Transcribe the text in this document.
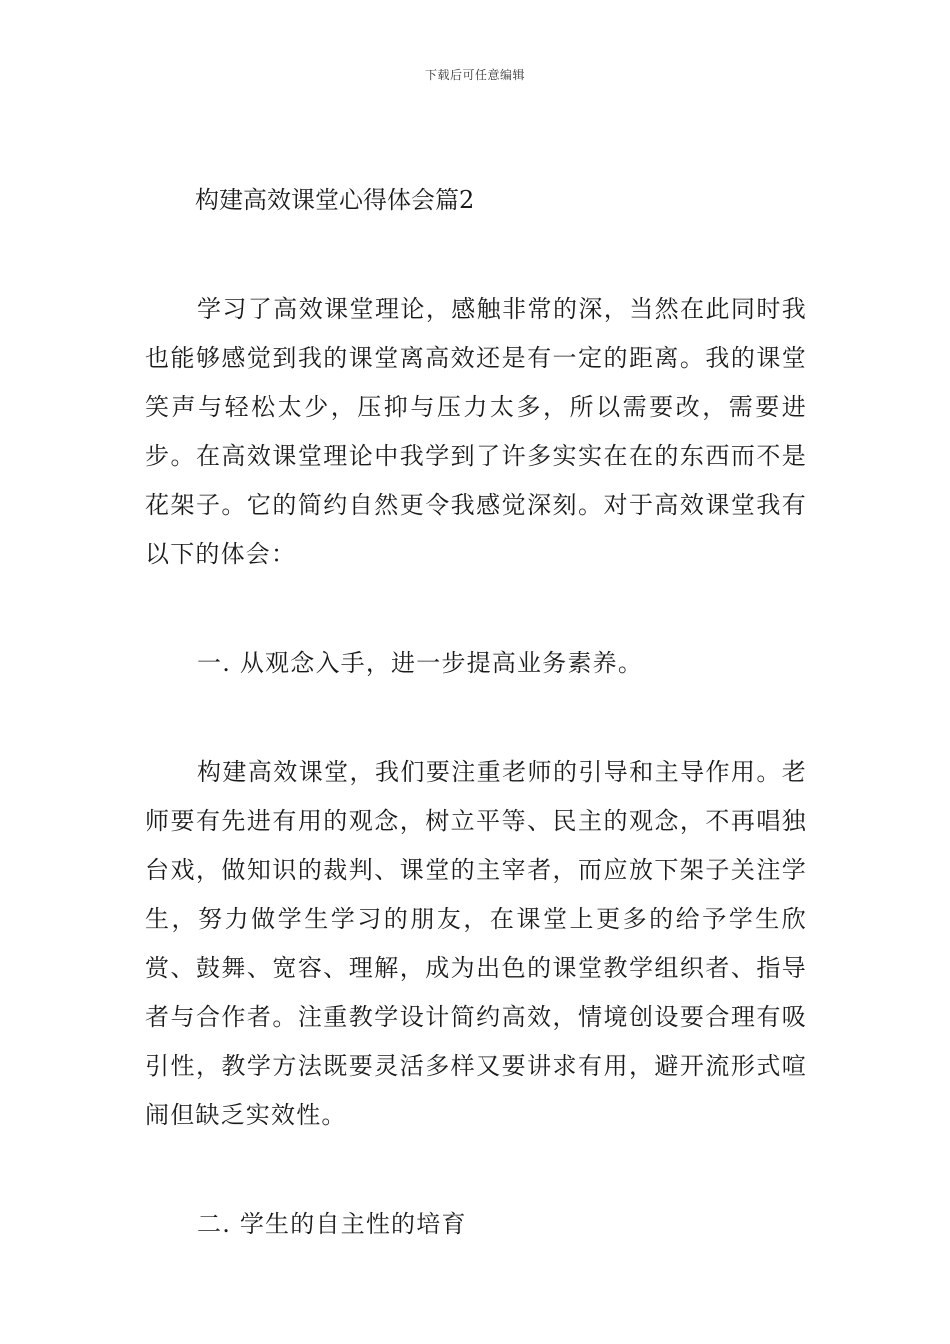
下载后可任意编辑
构建高效课堂心得体会篇2

学习了高效课堂理论，感触非常的深，当然在此同时我也能够感觉到我的课堂离高效还是有一定的距离。我的课堂笑声与轻松太少，压抑与压力太多，所以需要改，需要进步。在高效课堂理论中我学到了许多实实在在的东西而不是花架子。它的简约自然更令我感觉深刻。对于高效课堂我有以下的体会：

一. 从观念入手，进一步提高业务素养。

构建高效课堂，我们要注重老师的引导和主导作用。老师要有先进有用的观念，树立平等、民主的观念，不再唱独台戏，做知识的裁判、课堂的主宰者，而应放下架子关注学生，努力做学生学习的朋友，在课堂上更多的给予学生欣赏、鼓舞、宽容、理解，成为出色的课堂教学组织者、指导者与合作者。注重教学设计简约高效，情境创设要合理有吸引性，教学方法既要灵活多样又要讲求有用，避开流形式喧闹但缺乏实效性。

二. 学生的自主性的培育
